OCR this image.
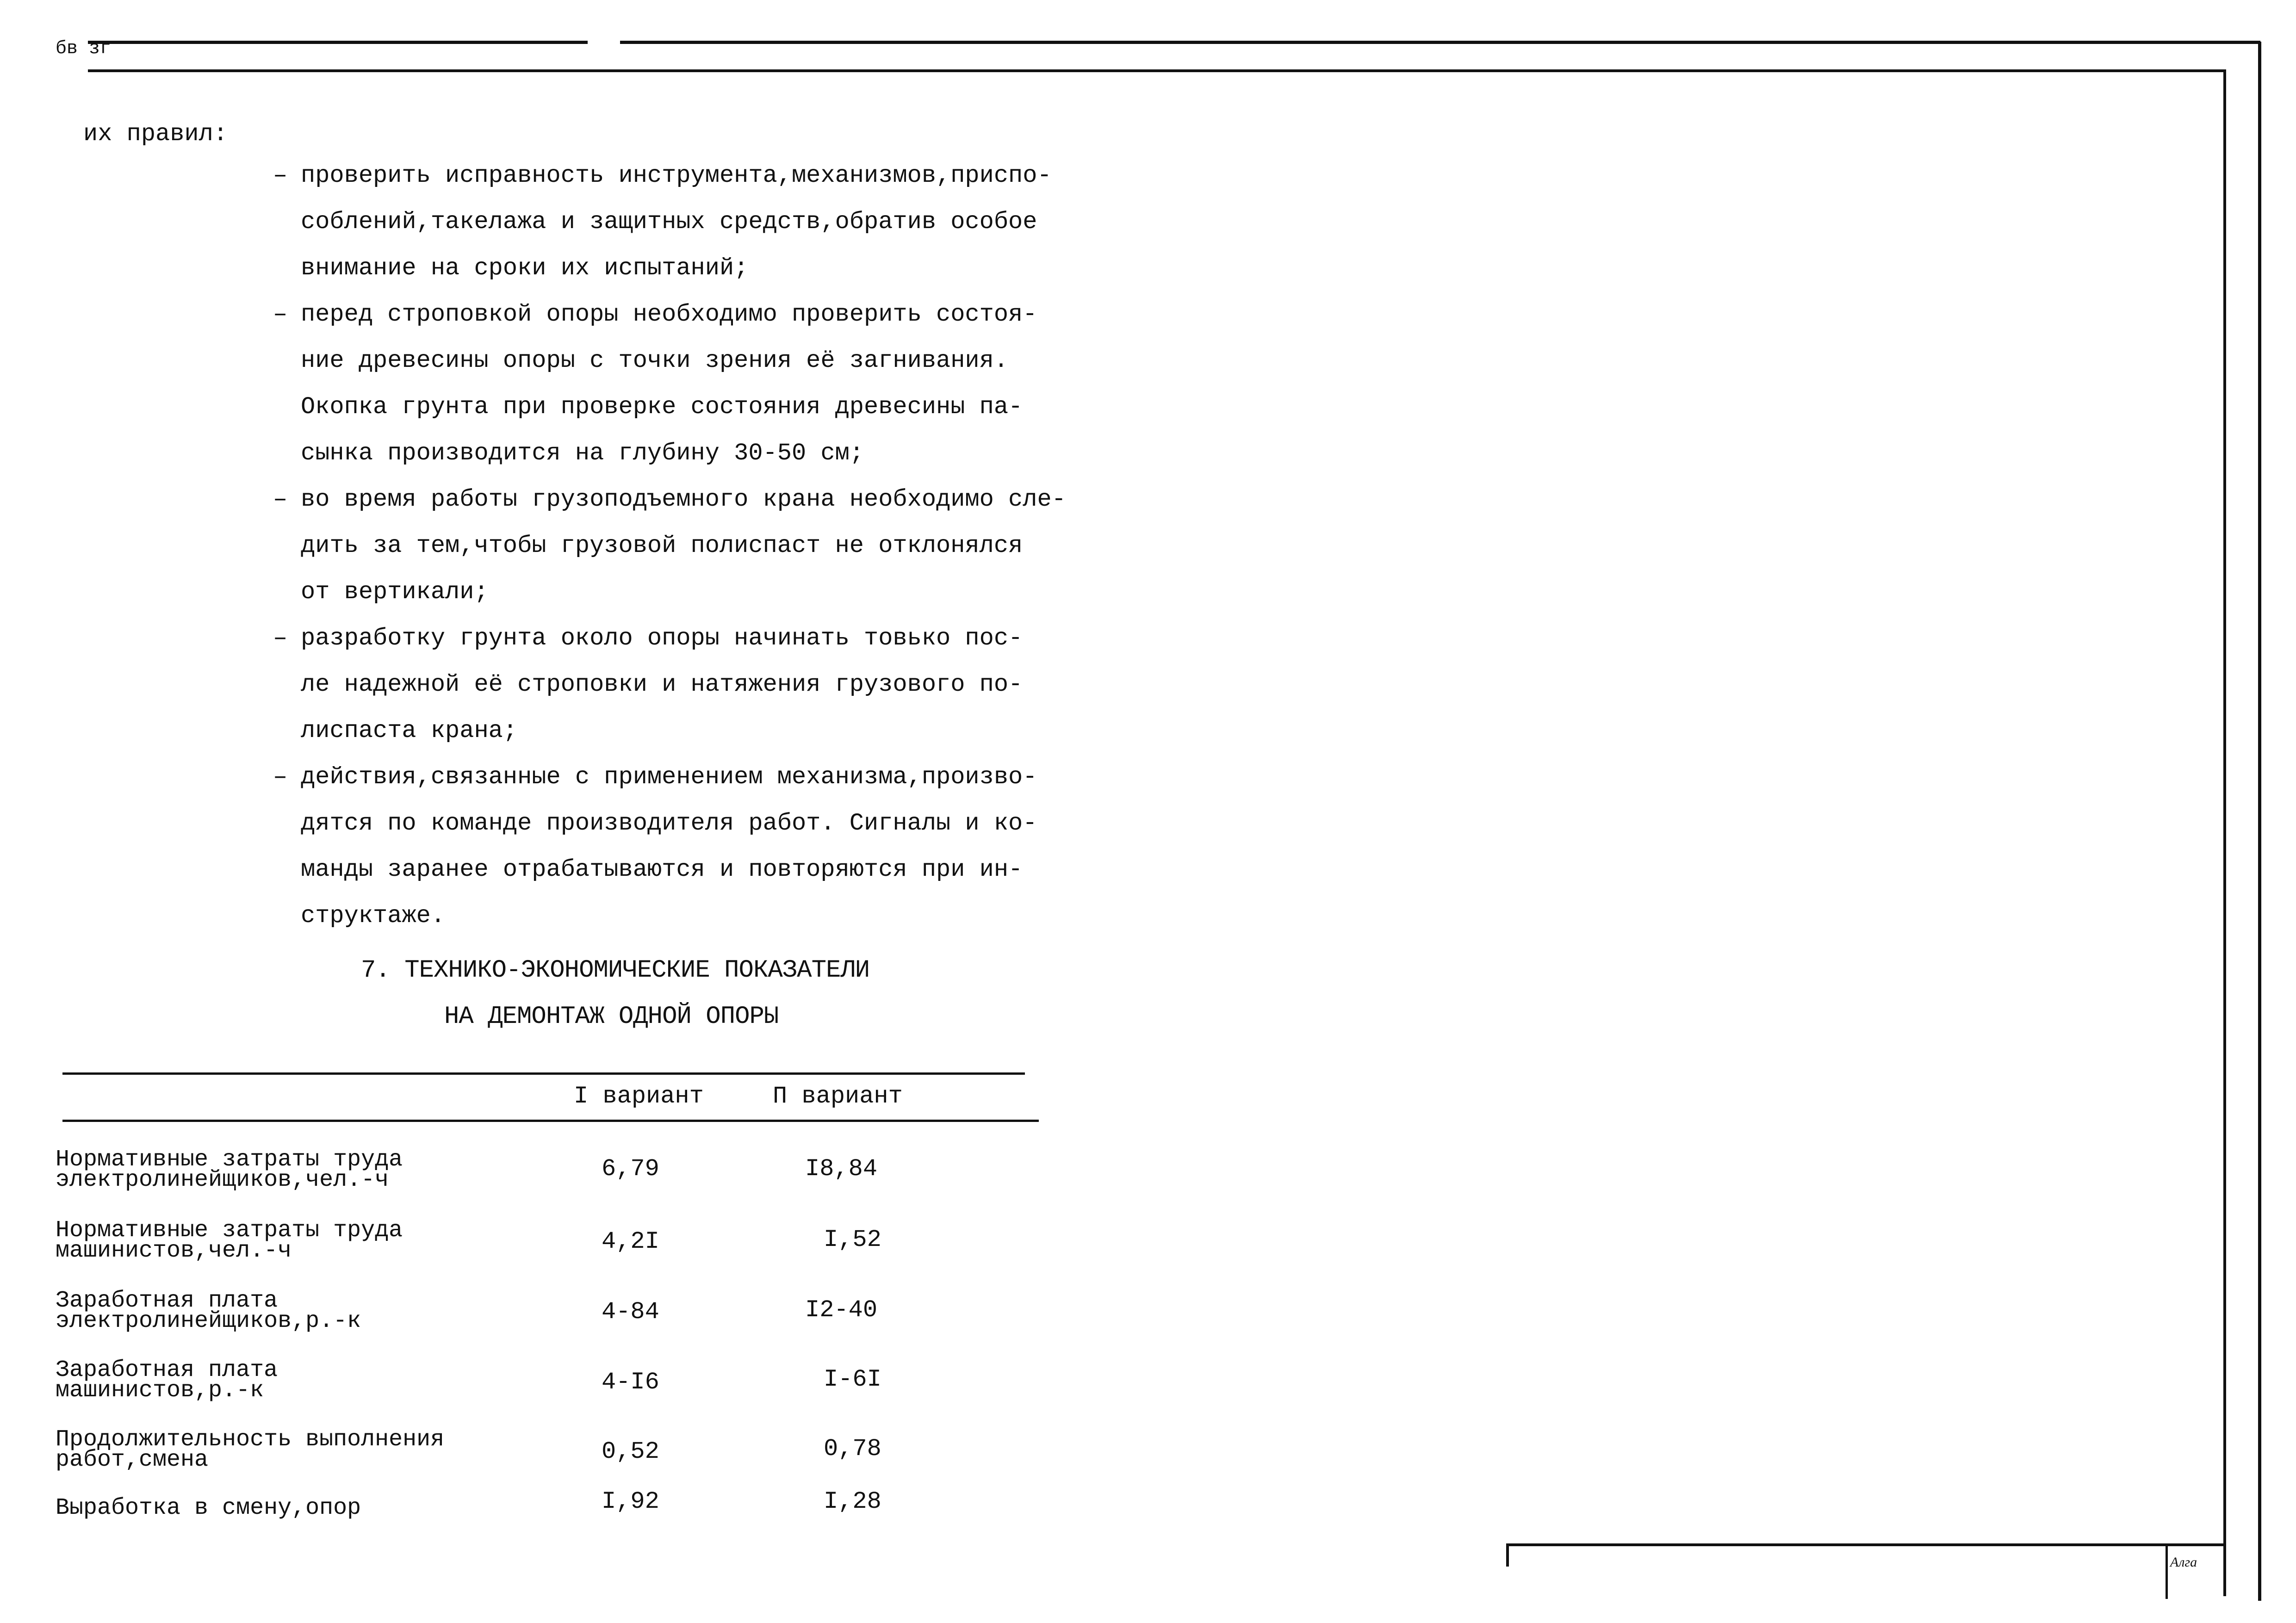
бв зг
Алга
их правил:
– проверить исправность инструмента,механизмов,приспо-
соблений,такелажа и защитных средств,обратив особое
внимание на сроки их испытаний;
– перед строповкой опоры необходимо проверить состоя-
ние древесины опоры с точки зрения её загнивания.
Окопка грунта при проверке состояния древесины па-
сынка производится на глубину 30-50 см;
– во время работы грузоподъемного крана необходимо сле-
дить за тем,чтобы грузовой полиспаст не отклонялся
от вертикали;
– разработку грунта около опоры начинать товько пос-
ле надежной её строповки и натяжения грузового по-
лиспаста крана;
– действия,связанные с применением механизма,произво-
дятся по команде производителя работ. Сигналы и ко-
манды заранее отрабатываются и повторяются при ин-
структаже.
7. ТЕХНИКО-ЭКОНОМИЧЕСКИЕ ПОКАЗАТЕЛИ
НА ДЕМОНТАЖ ОДНОЙ ОПОРЫ
I вариант	П вариант
Нормативные затраты труда
электролинейщиков,чел.-ч	6,79	I8,84
Нормативные затраты труда
машинистов,чел.-ч	4,2I	I,52
Заработная плата
электролинейщиков,р.-к	4-84	I2-40
Заработная плата
машинистов,р.-к	4-I6	I-6I
Продолжительность выполнения
работ,смена	0,52	0,78
Выработка в смену,опор	I,92	I,28
